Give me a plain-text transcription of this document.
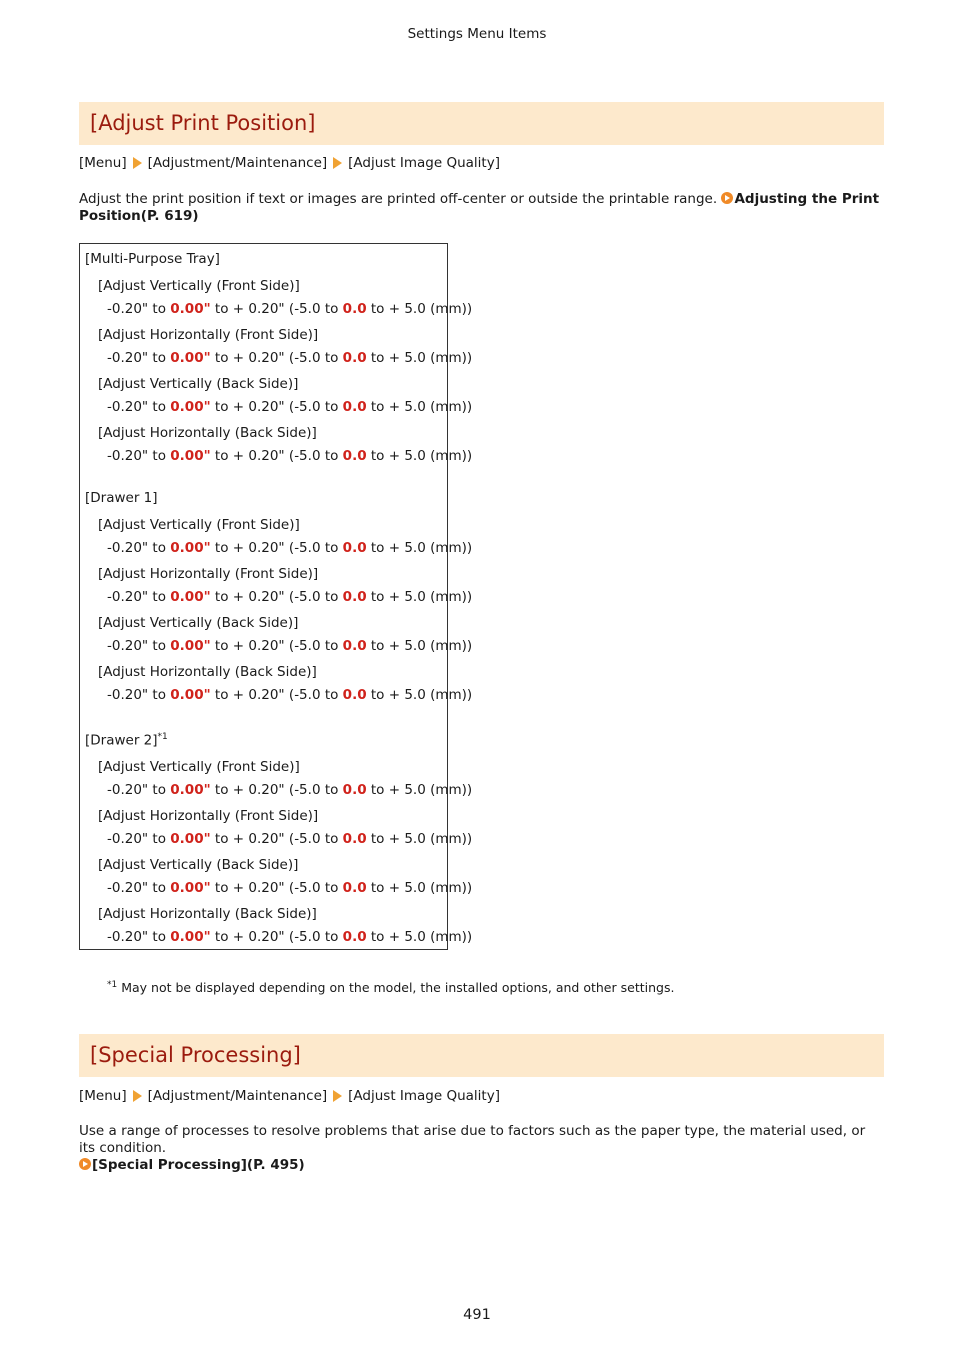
Settings Menu Items
[Adjust Print Position]
[Menu] [Adjustment/Maintenance] [Adjust Image Quality]
Adjust the print position if text or images are printed off-center or outside the printable range. Adjusting the Print Position(P. 619)
[Multi-Purpose Tray]
[Adjust Vertically (Front Side)]
-0.20" to 0.00" to + 0.20" (-5.0 to 0.0 to + 5.0 (mm))
[Adjust Horizontally (Front Side)]
-0.20" to 0.00" to + 0.20" (-5.0 to 0.0 to + 5.0 (mm))
[Adjust Vertically (Back Side)]
-0.20" to 0.00" to + 0.20" (-5.0 to 0.0 to + 5.0 (mm))
[Adjust Horizontally (Back Side)]
-0.20" to 0.00" to + 0.20" (-5.0 to 0.0 to + 5.0 (mm))
[Drawer 1]
[Adjust Vertically (Front Side)]
-0.20" to 0.00" to + 0.20" (-5.0 to 0.0 to + 5.0 (mm))
[Adjust Horizontally (Front Side)]
-0.20" to 0.00" to + 0.20" (-5.0 to 0.0 to + 5.0 (mm))
[Adjust Vertically (Back Side)]
-0.20" to 0.00" to + 0.20" (-5.0 to 0.0 to + 5.0 (mm))
[Adjust Horizontally (Back Side)]
-0.20" to 0.00" to + 0.20" (-5.0 to 0.0 to + 5.0 (mm))
[Drawer 2]$^{*1}$
[Adjust Vertically (Front Side)]
-0.20" to 0.00" to + 0.20" (-5.0 to 0.0 to + 5.0 (mm))
[Adjust Horizontally (Front Side)]
-0.20" to 0.00" to + 0.20" (-5.0 to 0.0 to + 5.0 (mm))
[Adjust Vertically (Back Side)]
-0.20" to 0.00" to + 0.20" (-5.0 to 0.0 to + 5.0 (mm))
[Adjust Horizontally (Back Side)]
-0.20" to 0.00" to + 0.20" (-5.0 to 0.0 to + 5.0 (mm))
$^{*1}$ May not be displayed depending on the model, the installed options, and other settings.
[Special Processing]
[Menu] [Adjustment/Maintenance] [Adjust Image Quality]
Use a range of processes to resolve problems that arise due to factors such as the paper type, the material used, or its condition.
[Special Processing](P. 495)
491
